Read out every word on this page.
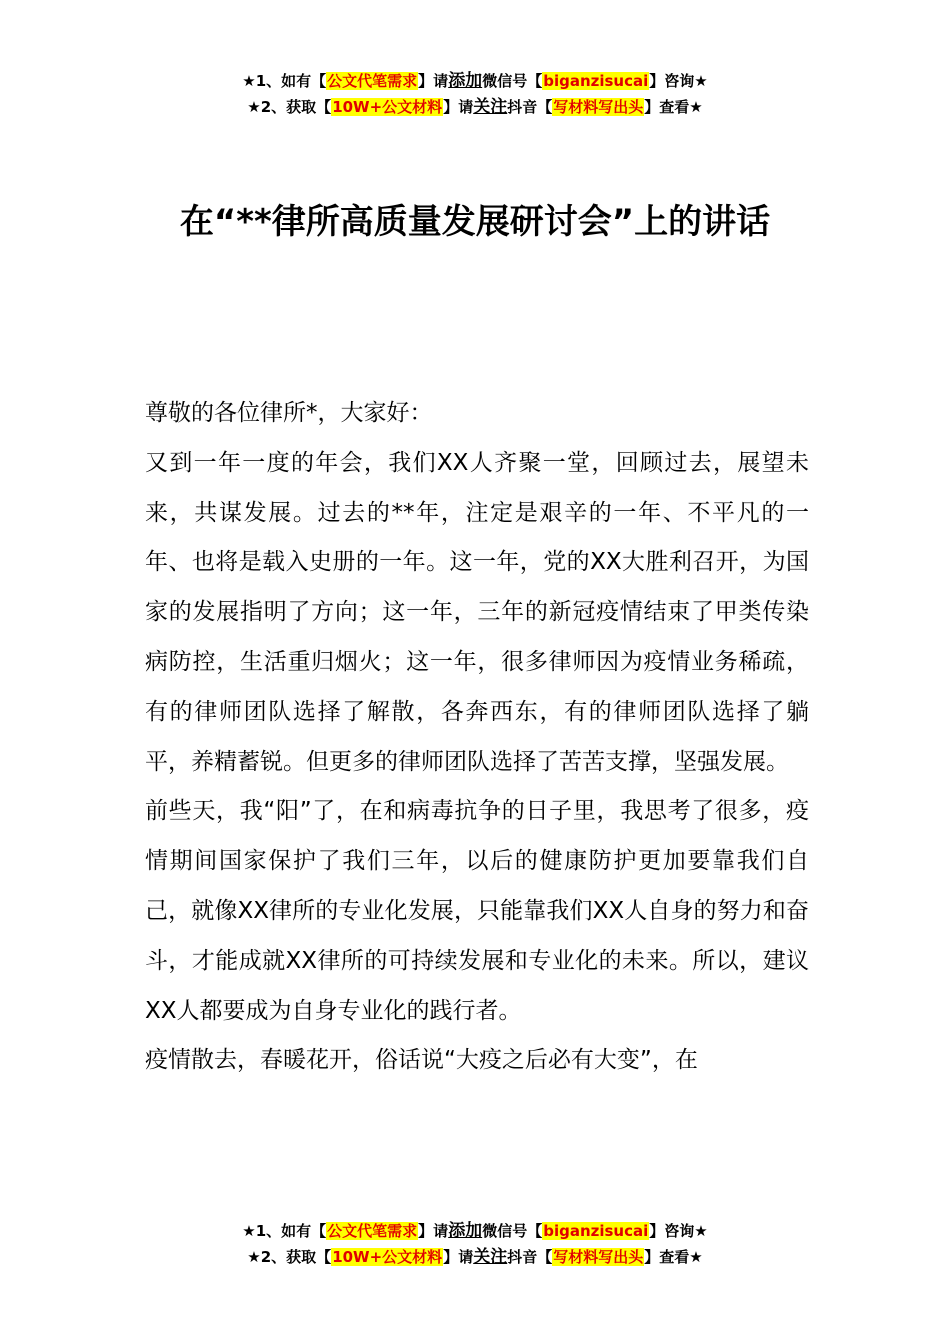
★1、如有【公文代笔需求】请添加微信号【biganzisucai】咨询★
★2、获取【10W+公文材料】请关注抖音【写材料写出头】查看★
在“**律所高质量发展研讨会”上的讲话

尊敬的各位律所*，大家好：

又到一年一度的年会，我们XX人齐聚一堂，回顾过去，展望未来，共谋发展。过去的**年，注定是艰辛的一年、不平凡的一年、也将是载入史册的一年。这一年，党的XX大胜利召开，为国家的发展指明了方向；这一年，三年的新冠疫情结束了甲类传染病防控，生活重归烟火；这一年，很多律师因为疫情业务稀疏，有的律师团队选择了解散，各奔西东，有的律师团队选择了躺平，养精蓄锐。但更多的律师团队选择了苦苦支撑，坚强发展。

前些天，我“阳”了，在和病毒抗争的日子里，我思考了很多，疫情期间国家保护了我们三年，以后的健康防护更加要靠我们自己，就像XX律所的专业化发展，只能靠我们XX人自身的努力和奋斗，才能成就XX律所的可持续发展和专业化的未来。所以，建议XX人都要成为自身专业化的践行者。

疫情散去，春暖花开，俗话说“大疫之后必有大变”，在

★1、如有【公文代笔需求】请添加微信号【biganzisucai】咨询★
★2、获取【10W+公文材料】请关注抖音【写材料写出头】查看★
